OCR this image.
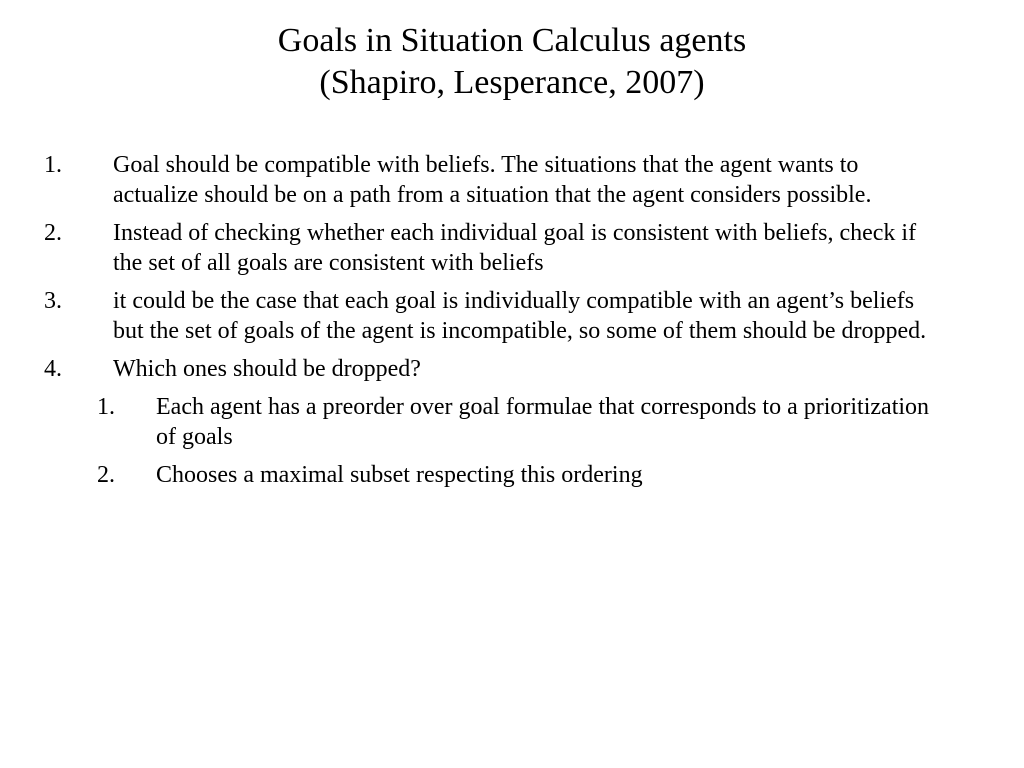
Goals in Situation Calculus agents
(Shapiro, Lesperance, 2007)
1. Goal should be compatible with beliefs. The situations that the agent wants to actualize should be on a path from a situation that the agent considers possible.
2. Instead of checking whether each individual goal is consistent with beliefs, check if the set of all goals are consistent with beliefs
3. it could be the case that each goal is individually compatible with an agent’s beliefs but the set of goals of the agent is incompatible, so some of them should be dropped.
4. Which ones should be dropped?
1. Each agent has a preorder over goal formulae that corresponds to a prioritization of goals
2. Chooses a maximal subset respecting this ordering
